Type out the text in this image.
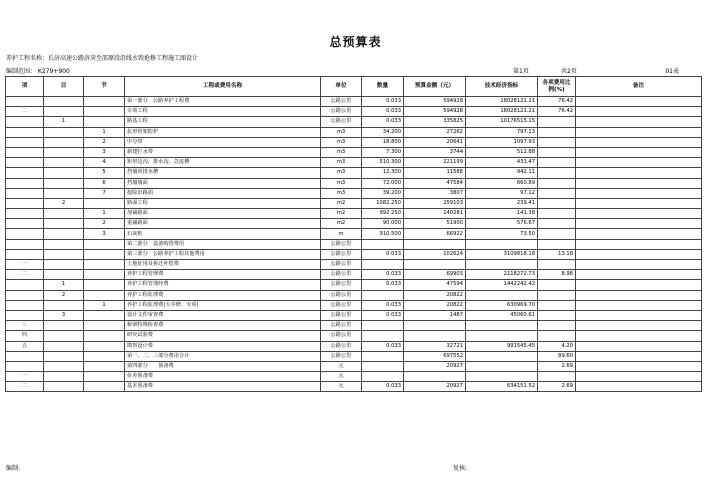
总预算表
养护工程名称：长济高速公路济菏至邵原段沿线水毁抢修工程施工图设计
编制范围： K279+900	第1页	共2页	01表
项	目	节	工程或费用名称	单位	数量	预算金额（元）	技术经济指标	各项费用比例(%)	备注
			第一部分　公路养护工程费	公路公里	0.033	594928	18028121.21	76.42	
二			专项工程	公路公里	0.033	594928	18028121.21	76.42	
	1		路基工程	公路公里	0.033	335825	10176515.15		
		1	抗形骨架防护	m3	34.200	27262	797.13		
		2	中分带	m3	18.800	20641	1097.93		
		3	新建拦水带	m3	7.300	3744	512.88		
		4	矩形边沟、排水沟、急流槽	m3	510.300	221199	433.47		
		5	挡墙顶排水槽	m3	12.300	11588	942.11		
		6	挡墙墙面	m3	72.000	47584	660.89		
		7	挖除旧路面	m3	39.200	3807	97.12		
	2		路面工程	m2	1082.250	259103	239.41		
		1	加铺路面	m2	992.250	140281	141.38		
		2	重铺路面	m2	90.000	51900	576.67		
		3	石灰桩	m	910.500	66922	73.50		
			第二部分　设备购置费用	公路公里					
			第三部分　公路养护工程其他费用	公路公里	0.033	102624	3109818.18	13.18	
一			土地征用及拆迁补偿费	公路公里					
二			养护工程管理费	公路公里	0.033	69903	2118272.73	8.98	
	1		养护工程管理经费	公路公里	0.033	47594	1442242.42		
	2		养护工程监理费	公路公里		20822			
		1	养护工程监理费(大中修、专项)	公路公里	0.033	20822	630969.70		
	3		设计文件审查费	公路公里	0.033	1487	45060.61		
三			桥梁特殊检查费	公路公里					
四			研究试验费	公路公里					
五			勘察设计费	公路公里	0.033	32721	991545.45	4.20	
			第一、二、三部分费用合计	公路公里		697552		89.60	
			第四部分　　预备费	元		20927		2.69	
一			价差预备费	元					
二			基本预备费	元	0.033	20927	634151.52	2.69	
编制:	复核:
